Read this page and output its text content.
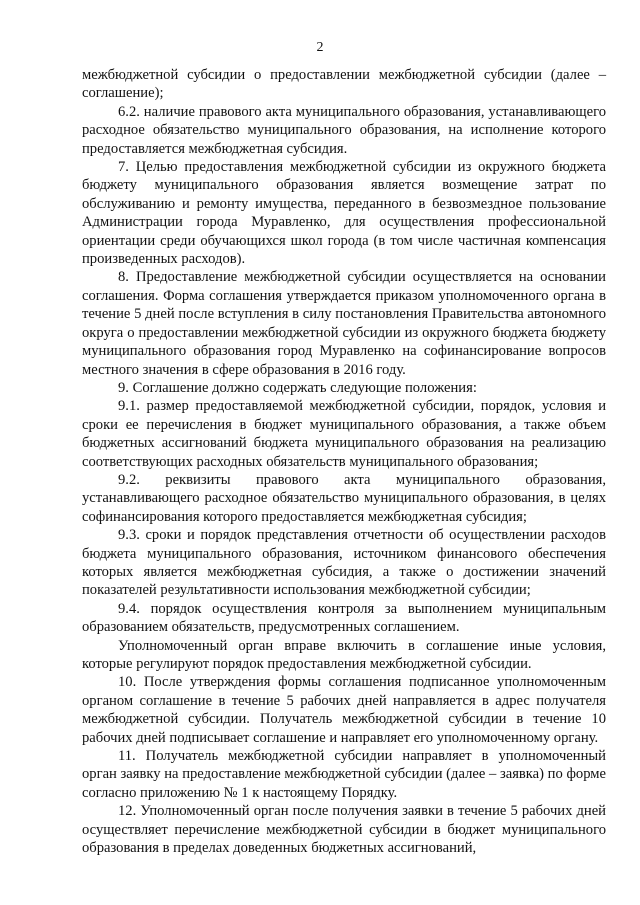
2

межбюджетной субсидии о предоставлении межбюджетной субсидии (далее – соглашение);

6.2. наличие правового акта муниципального образования, устанавливающего расходное обязательство муниципального образования, на исполнение которого предоставляется межбюджетная субсидия.

7. Целью предоставления межбюджетной субсидии из окружного бюджета бюджету муниципального образования является возмещение затрат по обслуживанию и ремонту имущества, переданного в безвозмездное пользование Администрации города Муравленко, для осуществления профессиональной ориентации среди обучающихся школ города (в том числе частичная компенсация произведенных расходов).

8. Предоставление межбюджетной субсидии осуществляется на основании соглашения. Форма соглашения утверждается приказом уполномоченного органа в течение 5 дней после вступления в силу постановления Правительства автономного округа о предоставлении межбюджетной субсидии из окружного бюджета бюджету муниципального образования город Муравленко на софинансирование вопросов местного значения в сфере образования в 2016 году.

9. Соглашение должно содержать следующие положения:

9.1. размер предоставляемой межбюджетной субсидии, порядок, условия и сроки ее перечисления в бюджет муниципального образования, а также объем бюджетных ассигнований бюджета муниципального образования на реализацию соответствующих расходных обязательств муниципального образования;

9.2. реквизиты правового акта муниципального образования, устанавливающего расходное обязательство муниципального образования, в целях софинансирования которого предоставляется межбюджетная субсидия;

9.3. сроки и порядок представления отчетности об осуществлении расходов бюджета муниципального образования, источником финансового обеспечения которых является межбюджетная субсидия, а также о достижении значений показателей результативности использования межбюджетной субсидии;

9.4. порядок осуществления контроля за выполнением муниципальным образованием обязательств, предусмотренных соглашением.

Уполномоченный орган вправе включить в соглашение иные условия, которые регулируют порядок предоставления межбюджетной субсидии.

10. После утверждения формы соглашения подписанное уполномоченным органом соглашение в течение 5 рабочих дней направляется в адрес получателя межбюджетной субсидии. Получатель межбюджетной субсидии в течение 10 рабочих дней подписывает соглашение и направляет его уполномоченному органу.

11. Получатель межбюджетной субсидии направляет в уполномоченный орган заявку на предоставление межбюджетной субсидии (далее – заявка) по форме согласно приложению № 1 к настоящему Порядку.

12. Уполномоченный орган после получения заявки в течение 5 рабочих дней осуществляет перечисление межбюджетной субсидии в бюджет муниципального образования в пределах доведенных бюджетных ассигнований,
